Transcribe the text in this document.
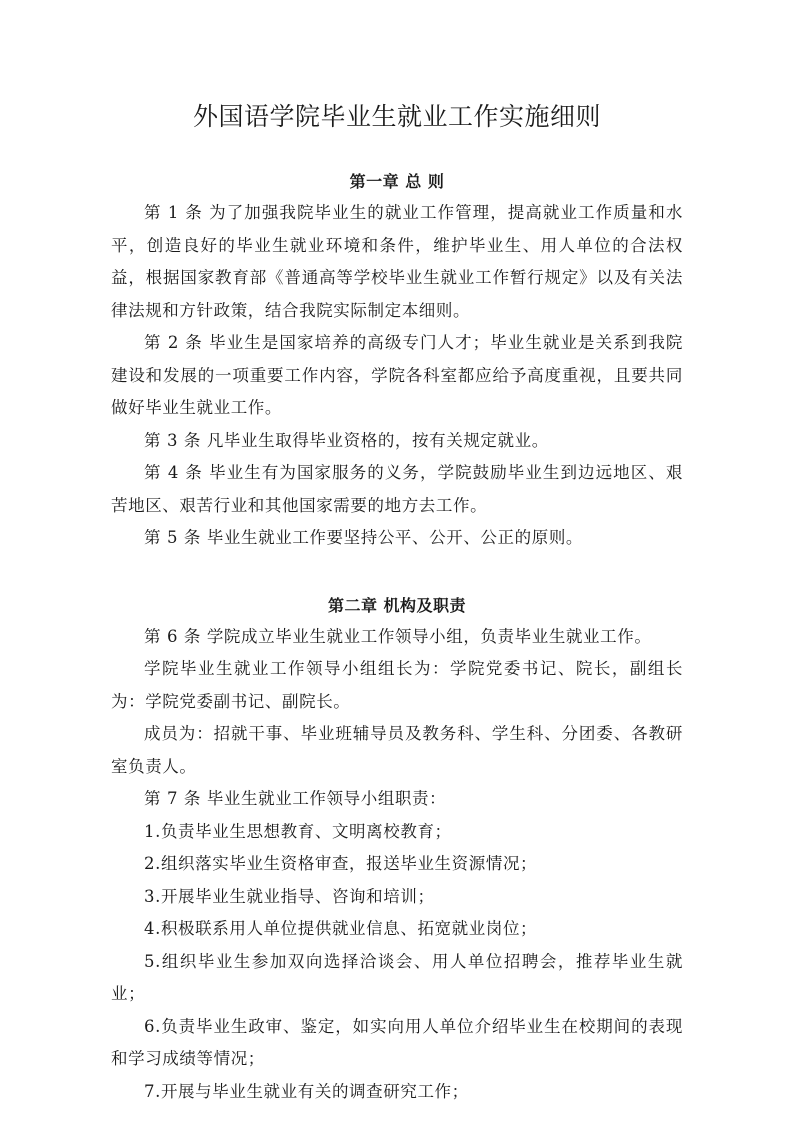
外国语学院毕业生就业工作实施细则
第一章 总 则

第 1 条 为了加强我院毕业生的就业工作管理，提高就业工作质量和水平，创造良好的毕业生就业环境和条件，维护毕业生、用人单位的合法权益，根据国家教育部《普通高等学校毕业生就业工作暂行规定》以及有关法律法规和方针政策，结合我院实际制定本细则。

第 2 条 毕业生是国家培养的高级专门人才；毕业生就业是关系到我院建设和发展的一项重要工作内容，学院各科室都应给予高度重视，且要共同做好毕业生就业工作。

第 3 条 凡毕业生取得毕业资格的，按有关规定就业。

第 4 条 毕业生有为国家服务的义务，学院鼓励毕业生到边远地区、艰苦地区、艰苦行业和其他国家需要的地方去工作。

第 5 条 毕业生就业工作要坚持公平、公开、公正的原则。

第二章 机构及职责

第 6 条 学院成立毕业生就业工作领导小组，负责毕业生就业工作。

学院毕业生就业工作领导小组组长为：学院党委书记、院长，副组长为：学院党委副书记、副院长。

成员为：招就干事、毕业班辅导员及教务科、学生科、分团委、各教研室负责人。

第 7 条 毕业生就业工作领导小组职责：

1.负责毕业生思想教育、文明离校教育；

2.组织落实毕业生资格审查，报送毕业生资源情况；

3.开展毕业生就业指导、咨询和培训；

4.积极联系用人单位提供就业信息、拓宽就业岗位；

5.组织毕业生参加双向选择洽谈会、用人单位招聘会，推荐毕业生就业；

6.负责毕业生政审、鉴定，如实向用人单位介绍毕业生在校期间的表现和学习成绩等情况；

7.开展与毕业生就业有关的调查研究工作；
